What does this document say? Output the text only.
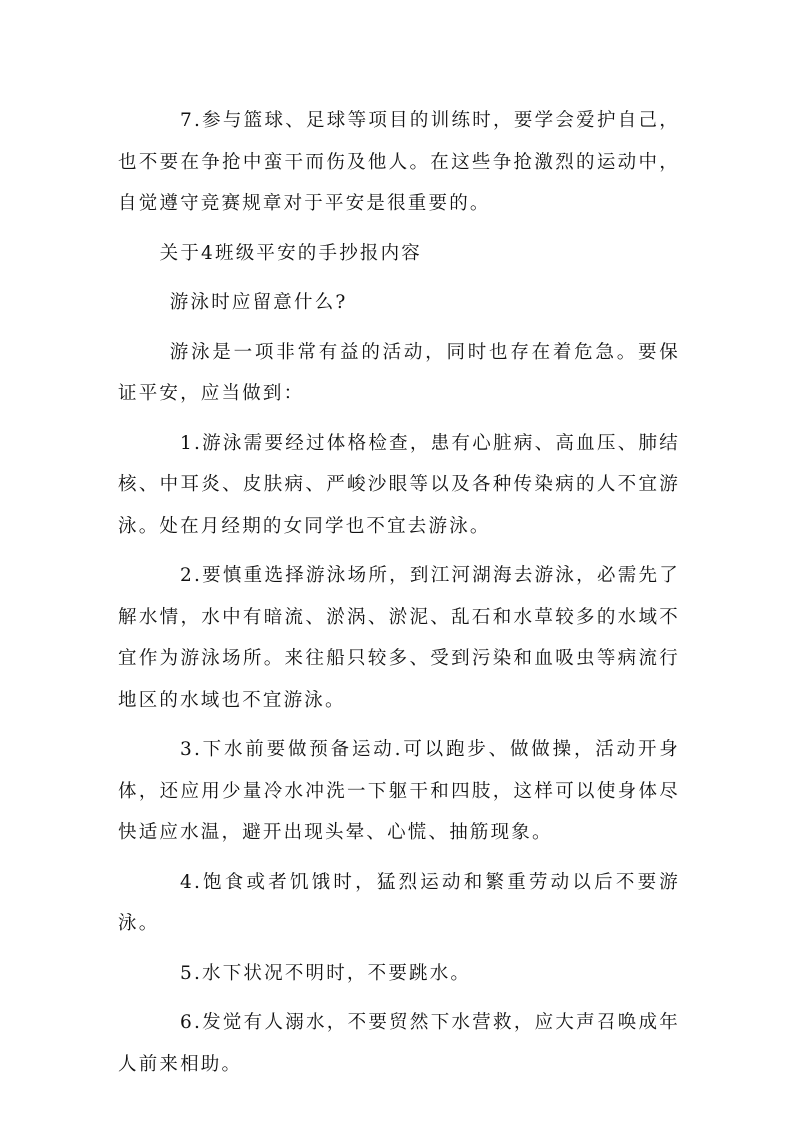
7.参与篮球、足球等项目的训练时，要学会爱护自己，也不要在争抢中蛮干而伤及他人。在这些争抢激烈的运动中，自觉遵守竞赛规章对于平安是很重要的。

关于4班级平安的手抄报内容

游泳时应留意什么?

游泳是一项非常有益的活动，同时也存在着危急。要保证平安，应当做到：

1.游泳需要经过体格检查，患有心脏病、高血压、肺结核、中耳炎、皮肤病、严峻沙眼等以及各种传染病的人不宜游泳。处在月经期的女同学也不宜去游泳。

2.要慎重选择游泳场所，到江河湖海去游泳，必需先了解水情，水中有暗流、淤涡、淤泥、乱石和水草较多的水域不宜作为游泳场所。来往船只较多、受到污染和血吸虫等病流行地区的水域也不宜游泳。

3.下水前要做预备运动.可以跑步、做做操，活动开身体，还应用少量冷水冲洗一下躯干和四肢，这样可以使身体尽快适应水温，避开出现头晕、心慌、抽筋现象。

4.饱食或者饥饿时，猛烈运动和繁重劳动以后不要游泳。

5.水下状况不明时，不要跳水。

6.发觉有人溺水，不要贸然下水营救，应大声召唤成年人前来相助。
